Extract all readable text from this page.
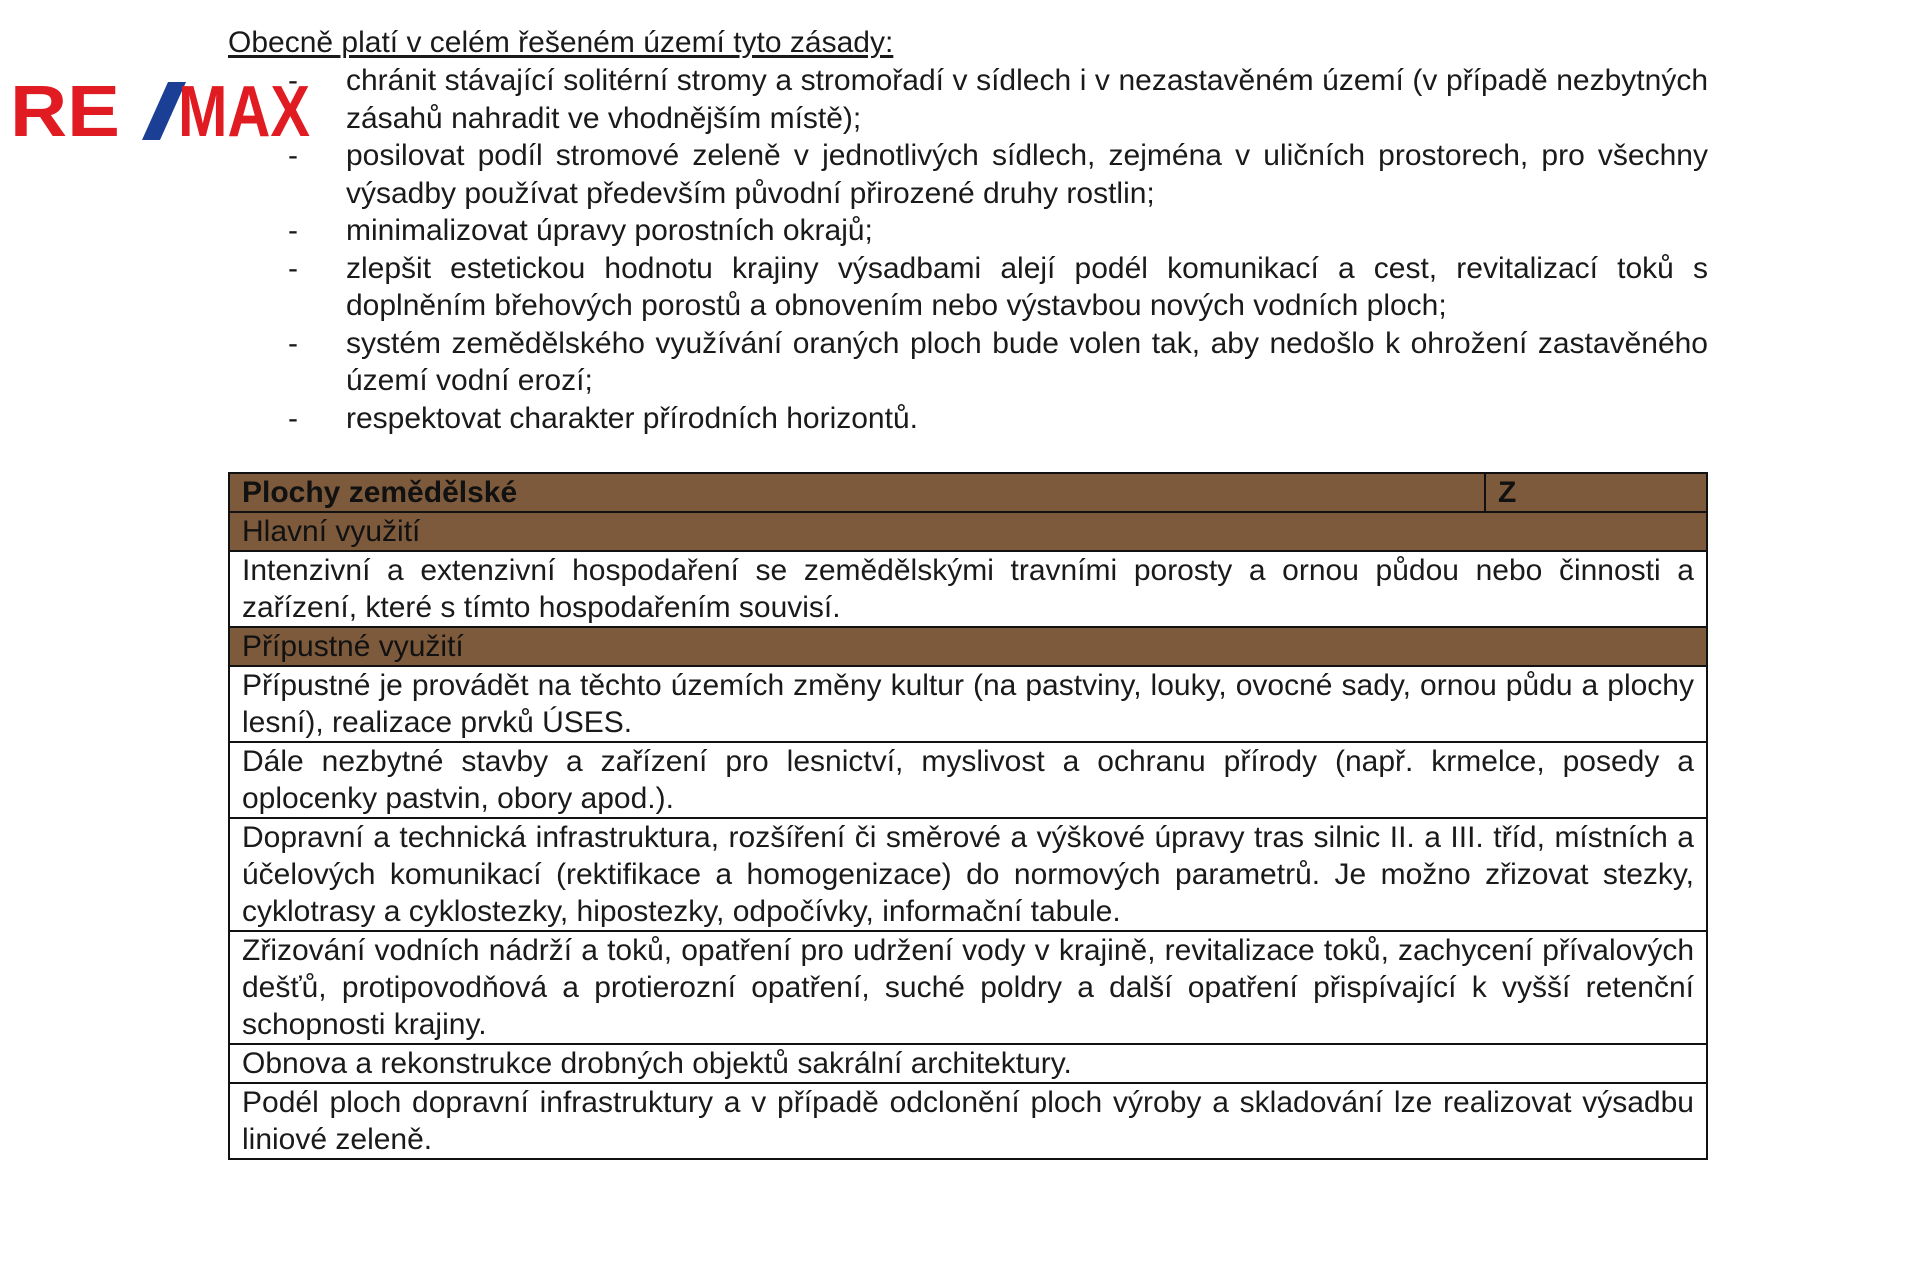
RE MAX
Obecně platí v celém řešeném území tyto zásady:
- chránit stávající solitérní stromy a stromořadí v sídlech i v nezastavěném území (v případě nezbytných zásahů nahradit ve vhodnějším místě);
- posilovat podíl stromové zeleně v jednotlivých sídlech, zejména v uličních prostorech, pro všechny výsadby používat především původní přirozené druhy rostlin;
- minimalizovat úpravy porostních okrajů;
- zlepšit estetickou hodnotu krajiny výsadbami alejí podél komunikací a cest, revitalizací toků s doplněním břehových porostů a obnovením nebo výstavbou nových vodních ploch;
- systém zemědělského využívání oraných ploch bude volen tak, aby nedošlo k ohrožení zastavěného území vodní erozí;
- respektovat charakter přírodních horizontů.
Plochy zemědělské	Z
Hlavní využití
Intenzivní a extenzivní hospodaření se zemědělskými travními porosty a ornou půdou nebo činnosti a zařízení, které s tímto hospodařením souvisí.
Přípustné využití
Přípustné je provádět na těchto územích změny kultur (na pastviny, louky, ovocné sady, ornou půdu a plochy lesní), realizace prvků ÚSES.
Dále nezbytné stavby a zařízení pro lesnictví, myslivost a ochranu přírody (např. krmelce, posedy a oplocenky pastvin, obory apod.).
Dopravní a technická infrastruktura, rozšíření či směrové a výškové úpravy tras silnic II. a III. tříd, místních a účelových komunikací (rektifikace a homogenizace) do normových parametrů. Je možno zřizovat stezky, cyklotrasy a cyklostezky, hipostezky, odpočívky, informační tabule.
Zřizování vodních nádrží a toků, opatření pro udržení vody v krajině, revitalizace toků, zachycení přívalových dešťů, protipovodňová a protierozní opatření, suché poldry a další opatření přispívající k vyšší retenční schopnosti krajiny.
Obnova a rekonstrukce drobných objektů sakrální architektury.
Podél ploch dopravní infrastruktury a v případě odclonění ploch výroby a skladování lze realizovat výsadbu liniové zeleně.
